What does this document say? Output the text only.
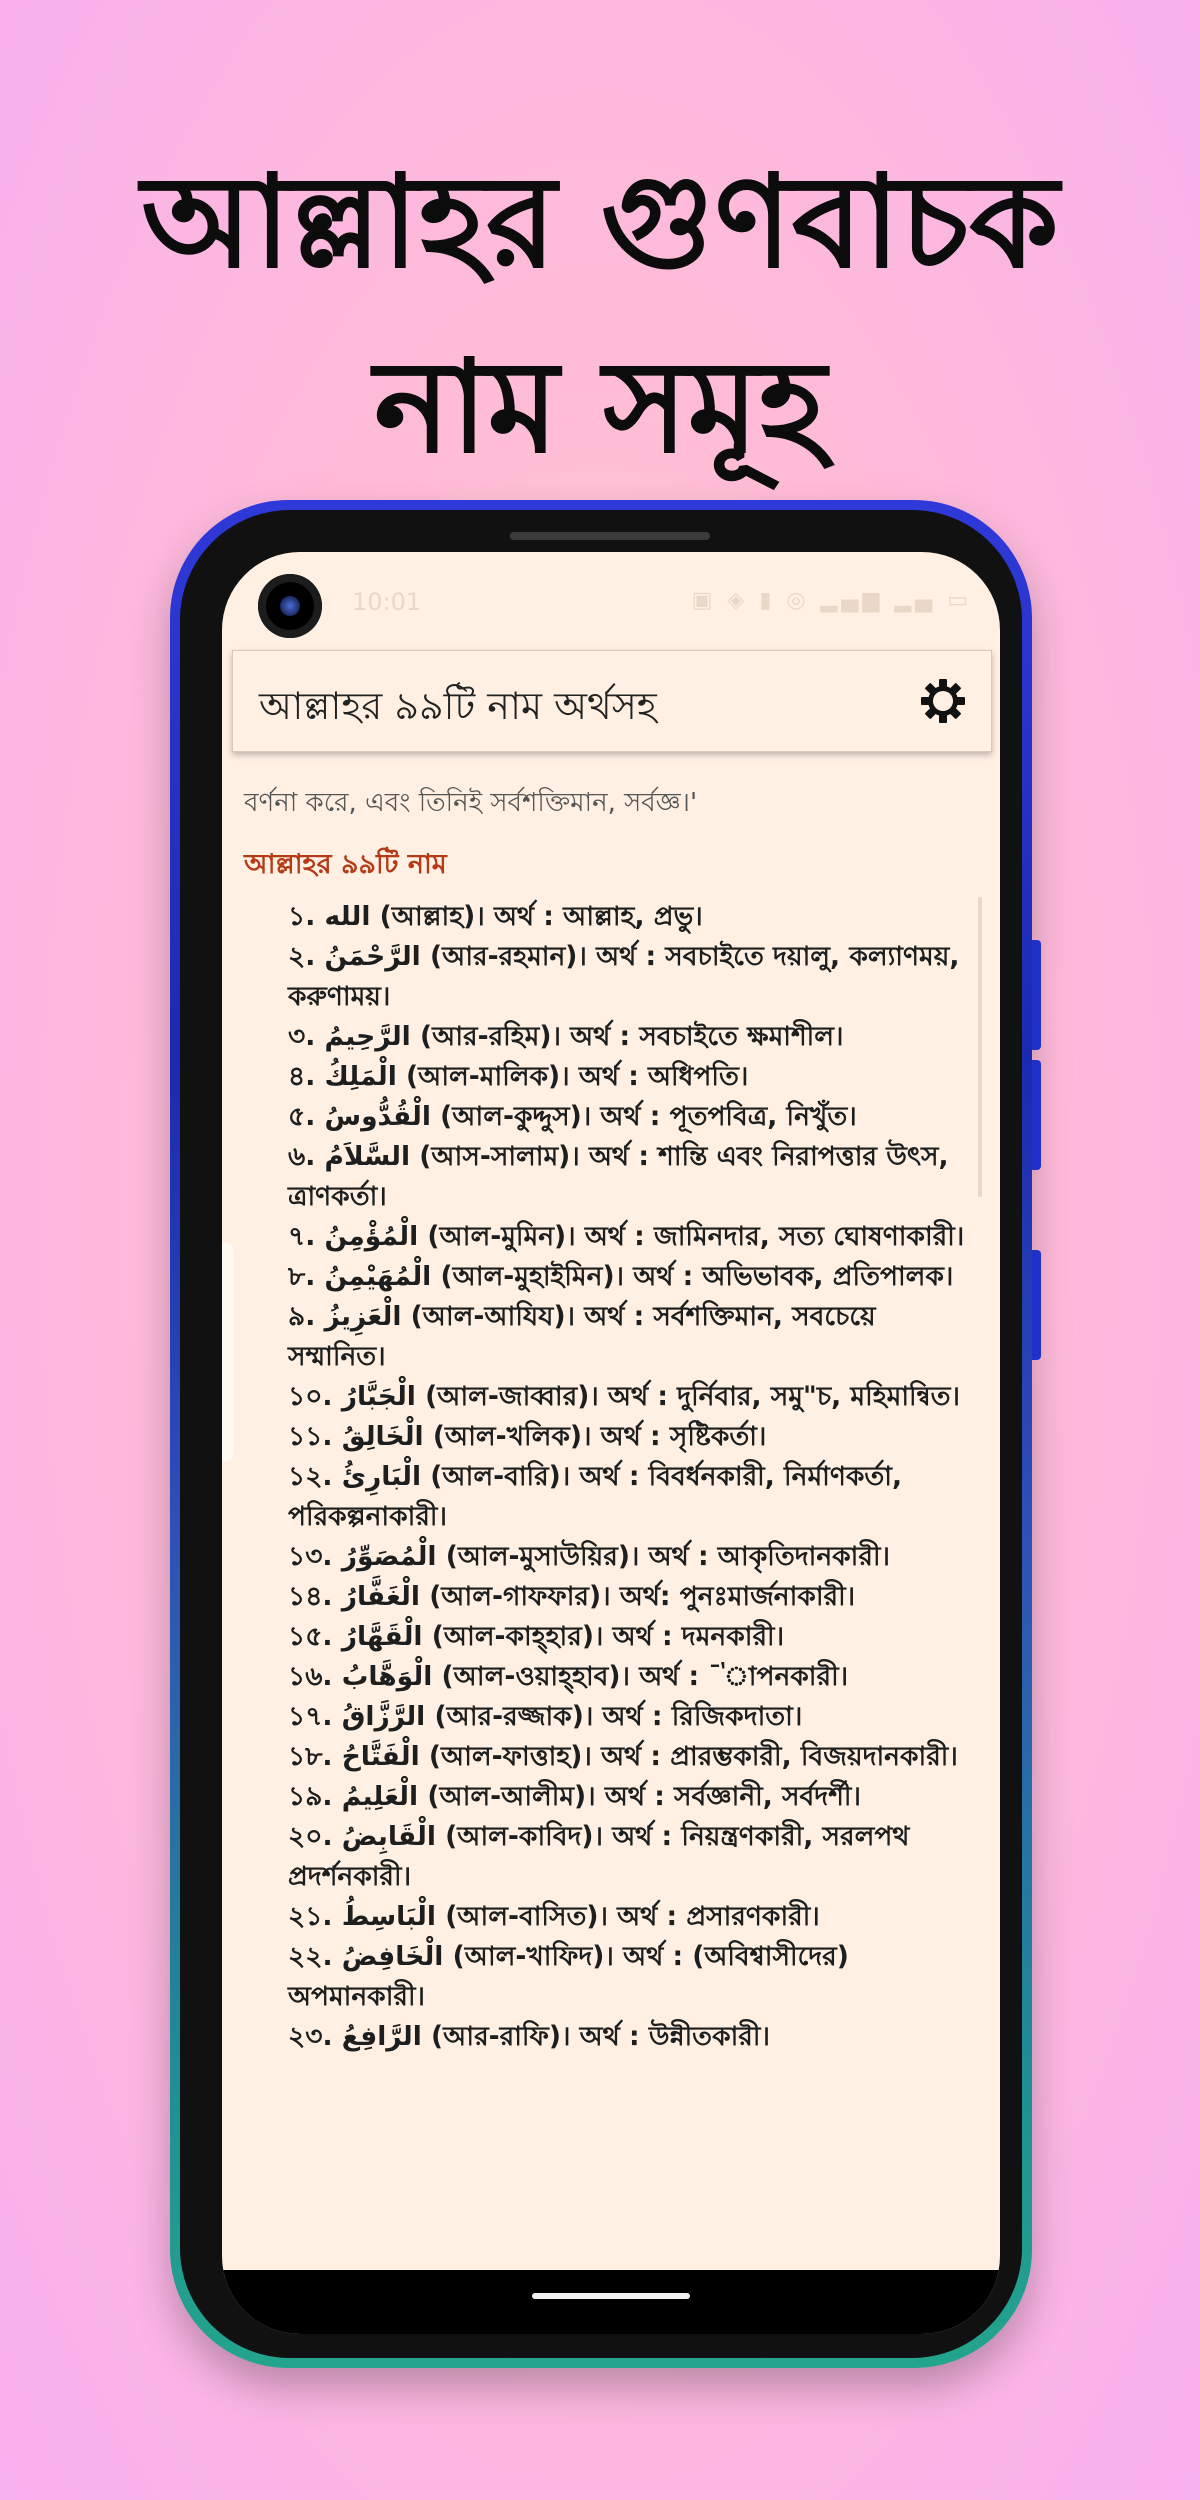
আল্লাহর গুণবাচক
নাম সমূহ
10:01	▣ ◈ ▮ ◎ ▂▄▆ ▂▄ ▭
আল্লাহর ৯৯টি নাম অর্থসহ
বর্ণনা করে, এবং তিনিই সর্বশক্তিমান, সর্বজ্ঞ।'
আল্লাহর ৯৯টি নাম
১. الله (আল্লাহ)। অর্থ : আল্লাহ, প্রভু।
২. الرَّحْمَنُ (আর-রহমান)। অর্থ : সবচাইতে দয়ালু, কল্যাণময়, করুণাময়।
৩. الرَّحِيمُ (আর-রহিম)। অর্থ : সবচাইতে ক্ষমাশীল।
৪. الْمَلِكُ (আল-মালিক)। অর্থ : অধিপতি।
৫. الْقُدُّوسُ (আল-কুদ্দুস)। অর্থ : পূতপবিত্র, নিখুঁত।
৬. السَّلاَمُ (আস-সালাম)। অর্থ : শান্তি এবং নিরাপত্তার উৎস, ত্রাণকর্তা।
৭. الْمُؤْمِنُ (আল-মুমিন)। অর্থ : জামিনদার, সত্য ঘোষণাকারী।
৮. الْمُهَيْمِنُ (আল-মুহাইমিন)। অর্থ : অভিভাবক, প্রতিপালক।
৯. الْعَزِيزُ (আল-আযিয)। অর্থ : সর্বশক্তিমান, সবচেয়ে সম্মানিত।
১০. الْجَبَّارُ (আল-জাব্বার)। অর্থ : দুর্নিবার, সমু"চ, মহিমান্বিত।
১১. الْخَالِقُ (আল-খলিক)। অর্থ : সৃষ্টিকর্তা।
১২. الْبَارِئُ (আল-বারি)। অর্থ : বিবর্ধনকারী, নির্মাণকর্তা, পরিকল্পনাকারী।
১৩. الْمُصَوِّرُ (আল-মুসাউয়ির)। অর্থ : আকৃতিদানকারী।
১৪. الْغَفَّارُ (আল-গাফফার)। অর্থ: পুনঃমার্জনাকারী।
১৫. الْقَهَّارُ (আল-কাহ্‌হার)। অর্থ : দমনকারী।
১৬. الْوَهَّابُ (আল-ওয়াহ্‌হাব)। অর্থ : ¯'াপনকারী।
১৭. الرَّزَّاقُ (আর-রজ্জাক)। অর্থ : রিজিকদাতা।
১৮. الْفَتَّاحُ (আল-ফাত্তাহ)। অর্থ : প্রারম্ভকারী, বিজয়দানকারী।
১৯. الْعَلِيمُ (আল-আলীম)। অর্থ : সর্বজ্ঞানী, সর্বদর্শী।
২০. الْقَابِضُ (আল-কাবিদ)। অর্থ : নিয়ন্ত্রণকারী, সরলপথ প্রদর্শনকারী।
২১. الْبَاسِطُ (আল-বাসিত)। অর্থ : প্রসারণকারী।
২২. الْخَافِضُ (আল-খাফিদ)। অর্থ : (অবিশ্বাসীদের) অপমানকারী।
২৩. الرَّافِعُ (আর-রাফি)। অর্থ : উন্নীতকারী।
